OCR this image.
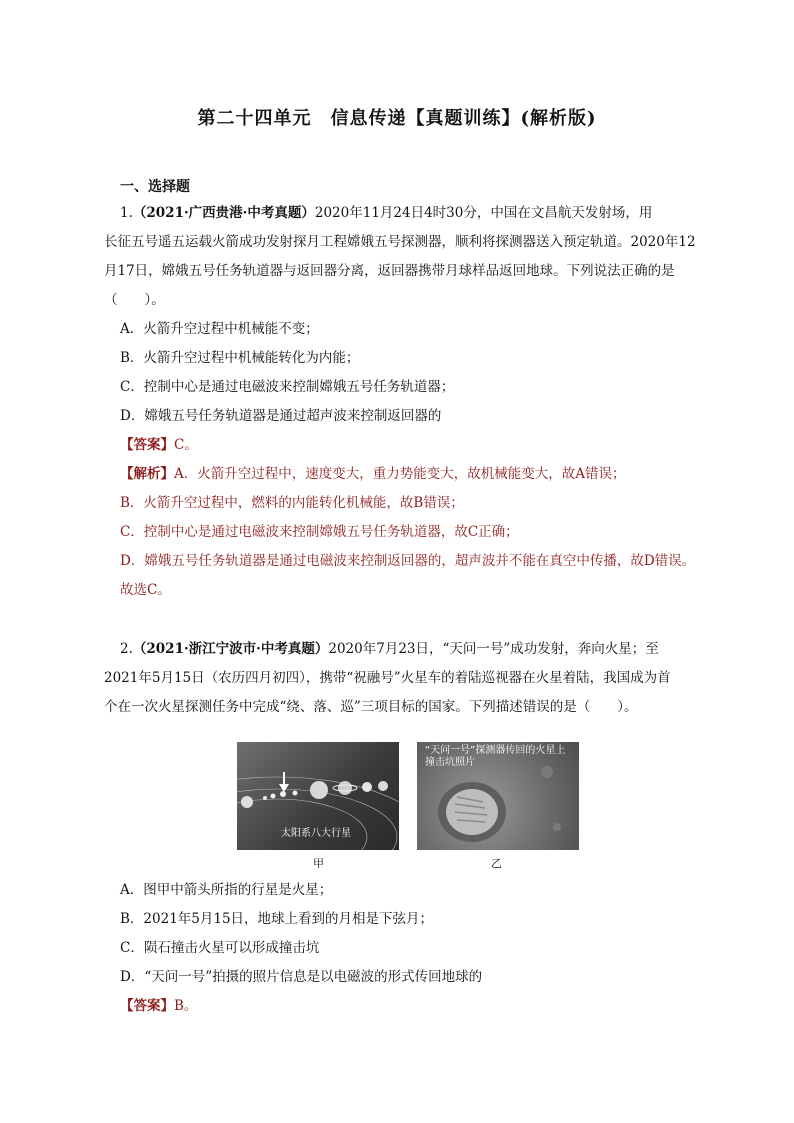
第二十四单元　信息传递【真题训练】(解析版)
一、选择题
1.（2021·广西贵港·中考真题）2020年11月24日4时30分，中国在文昌航天发射场，用
长征五号遥五运载火箭成功发射探月工程嫦娥五号探测器，顺利将探测器送入预定轨道。2020年12
月17日，嫦娥五号任务轨道器与返回器分离，返回器携带月球样品返回地球。下列说法正确的是
（　　）。
A．火箭升空过程中机械能不变；
B．火箭升空过程中机械能转化为内能；
C．控制中心是通过电磁波来控制嫦娥五号任务轨道器；
D．嫦娥五号任务轨道器是通过超声波来控制返回器的
【答案】C。
【解析】A．火箭升空过程中，速度变大，重力势能变大，故机械能变大，故A错误；
B．火箭升空过程中，燃料的内能转化机械能，故B错误；
C．控制中心是通过电磁波来控制嫦娥五号任务轨道器，故C正确；
D．嫦娥五号任务轨道器是通过电磁波来控制返回器的，超声波并不能在真空中传播，故D错误。
故选C。
2.（2021·浙江宁波市·中考真题）2020年7月23日，“天问一号”成功发射，奔向火星；至
2021年5月15日（农历四月初四），携带“祝融号”火星车的着陆巡视器在火星着陆，我国成为首
个在一次火星探测任务中完成“绕、落、巡”三项目标的国家。下列描述错误的是（　　）。
太阳系八大行星
“天问一号”探测器传回的火星上撞击坑照片
甲	乙
A．图甲中箭头所指的行星是火星；
B．2021年5月15日，地球上看到的月相是下弦月；
C．陨石撞击火星可以形成撞击坑
D．“天问一号”拍摄的照片信息是以电磁波的形式传回地球的
【答案】B。
